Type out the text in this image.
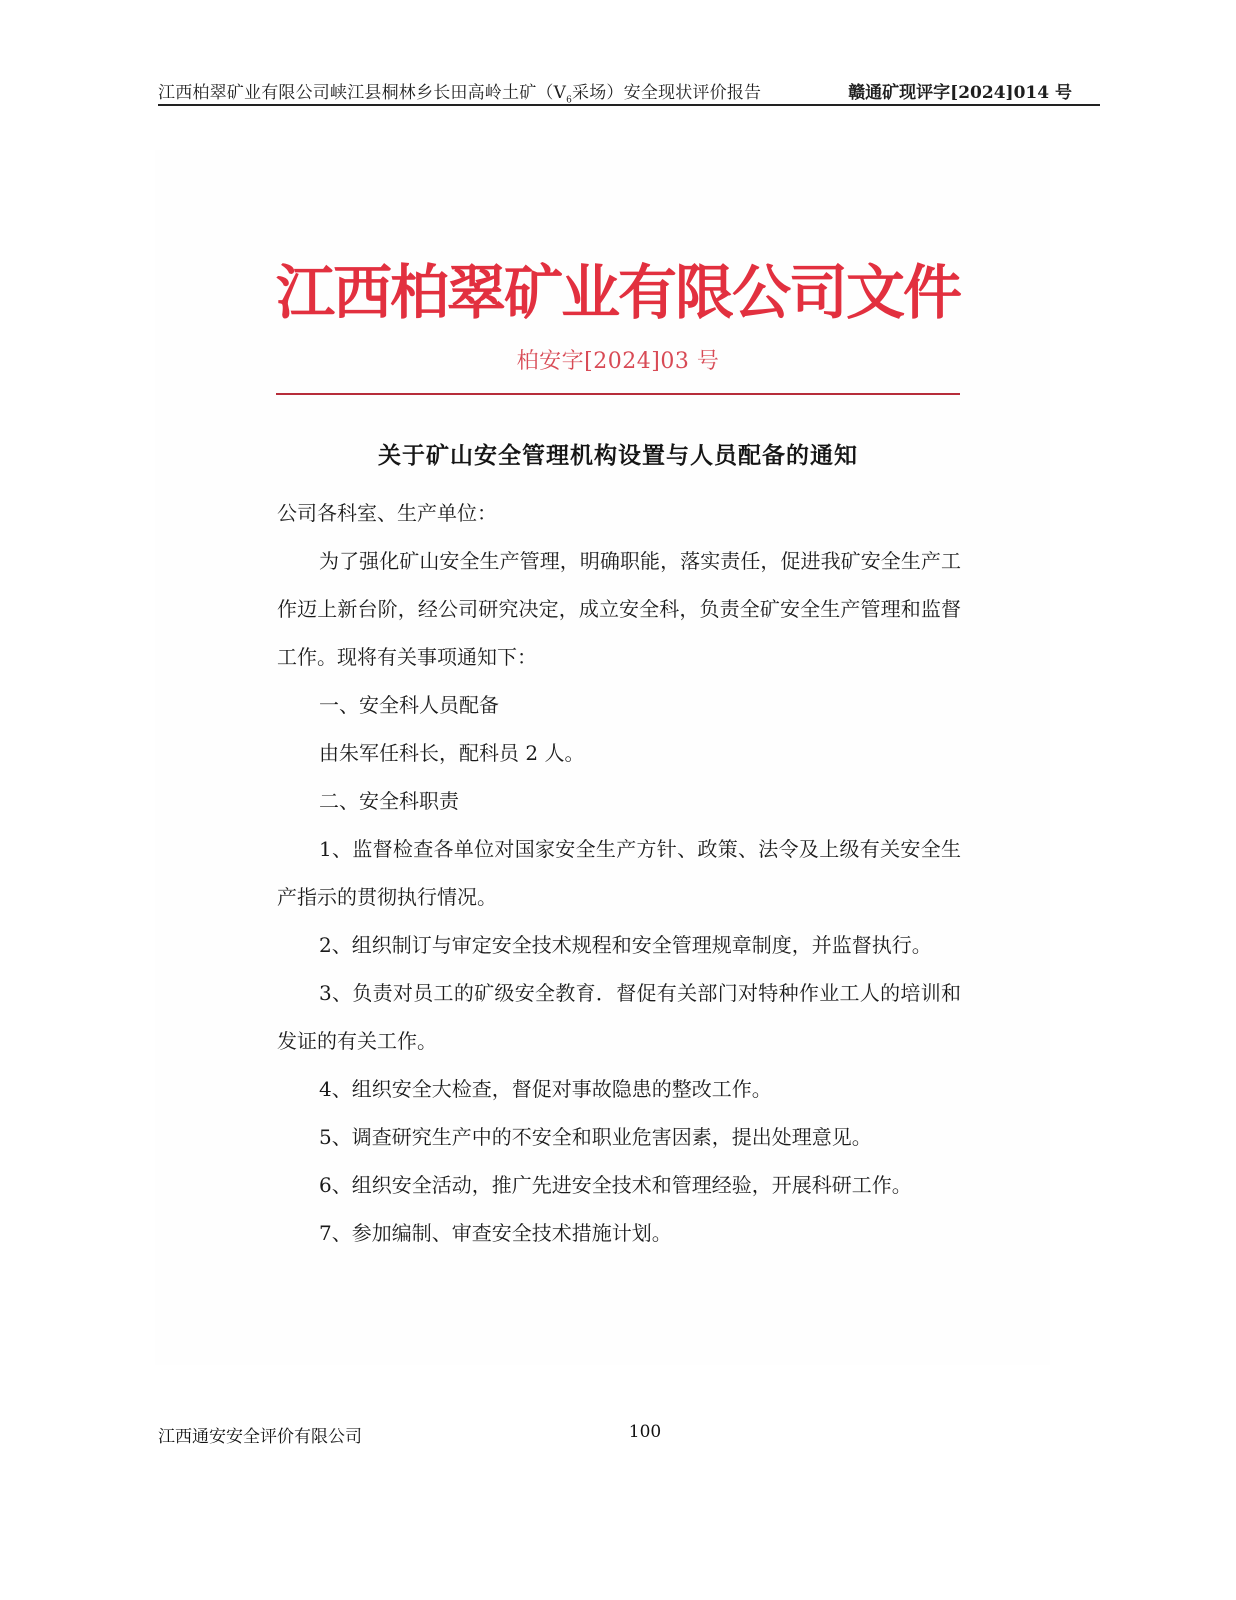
江西柏翠矿业有限公司峡江县桐林乡长田高岭土矿（$V_6$采场）安全现状评价报告	赣通矿现评字[2024]014 号
江西柏翠矿业有限公司文件
柏安字[2024]03 号
关于矿山安全管理机构设置与人员配备的通知

公司各科室、生产单位：

为了强化矿山安全生产管理，明确职能，落实责任，促进我矿安全生产工作迈上新台阶，经公司研究决定，成立安全科，负责全矿安全生产管理和监督工作。现将有关事项通知下：

一、安全科人员配备

由朱军任科长，配科员 2 人。

二、安全科职责

1、监督检查各单位对国家安全生产方针、政策、法令及上级有关安全生产指示的贯彻执行情况。

2、组织制订与审定安全技术规程和安全管理规章制度，并监督执行。

3、负责对员工的矿级安全教育．督促有关部门对特种作业工人的培训和发证的有关工作。

4、组织安全大检查，督促对事故隐患的整改工作。

5、调查研究生产中的不安全和职业危害因素，提出处理意见。

6、组织安全活动，推广先进安全技术和管理经验，开展科研工作。

7、参加编制、审查安全技术措施计划。

江西通安安全评价有限公司	100
